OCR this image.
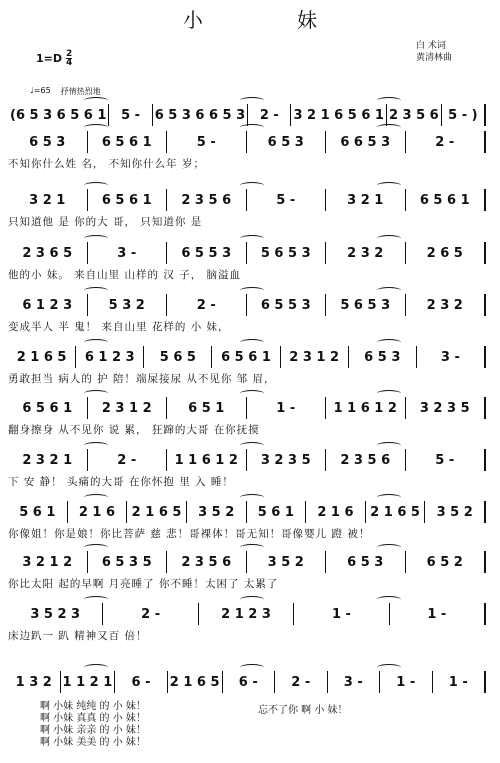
小 妹
$1=D \frac{2}{4}$
白 术词
黄清林曲
♩=65 抒情热烈地
(6 5 3 6 5 6 1	5 -	6 5 3 6 6 5 3	2 -	3 2 1 6 5 6 1 2 3 5 6 5 - )
6 5 3	6 5 6 1	5 -	6 5 3	6 6 5 3	2 -
不知你什么姓 名， 不知你什么年 岁；
3 2 1	6 5 6 1	2 3 5 6	5 -	3 2 1	6 5 6 1
只知道他 是 你的大 哥， 只知道你 是
2 3 6 5	3 -	6 5 5 3	5 6 5 3	2 3 2	2 6 5
他的小 妹。 来自山里 山样的 汉 子， 脑溢血
6 1 2 3	5 3 2	2 -	6 5 5 3	5 6 5 3	2 3 2
变成半人 半 鬼！ 来自山里 花样的 小 妹，
2 1 6 5	6 1 2 3	5 6 5	6 5 6 1	2 3 1 2	6 5 3	3 -
勇敢担当 病人的 护 陪！端屎接尿 从不见你 邹 眉，
6 5 6 1	2 3 1 2	6 5 1	1 -	1 1 6 1 2	3 2 3 5
翻身擦身 从不见你 说 累， 狂蹿的大哥 在你抚摸
2 3 2 1	2 -	1 1 6 1 2	3 2 3 5	2 3 5 6	5 -
下 安 静！ 头痛的大哥 在你怀抱 里 入 睡！
5 6 1	2 1 6	2 1 6 5	3 5 2	5 6 1	2 1 6	2 1 6 5	3 5 2
你像姐！你是娘！你比菩萨 慈 悲！哥裸体！哥无知！哥像婴儿 蹬 被！
3 2 1 2	6 5 3 5	2 3 5 6	3 5 2	6 5 3	6 5 2
你比太阳 起的早啊 月亮睡了 你不睡！太困了 太累了
3 5 2 3	2 -	2 1 2 3	1 -	1 -
床边趴一 趴 精神又百 倍！
1 3 2 1 1 2 1	6 -	2 1 6 5	6 -	2 -	3 -	1 -	1 -
啊 小妹 纯纯 的 小 妹！
啊 小妹 真真 的 小 妹！
啊 小妹 亲亲 的 小 妹！
啊 小妹 美美 的 小 妹！
忘不了你 啊 小 妹！
